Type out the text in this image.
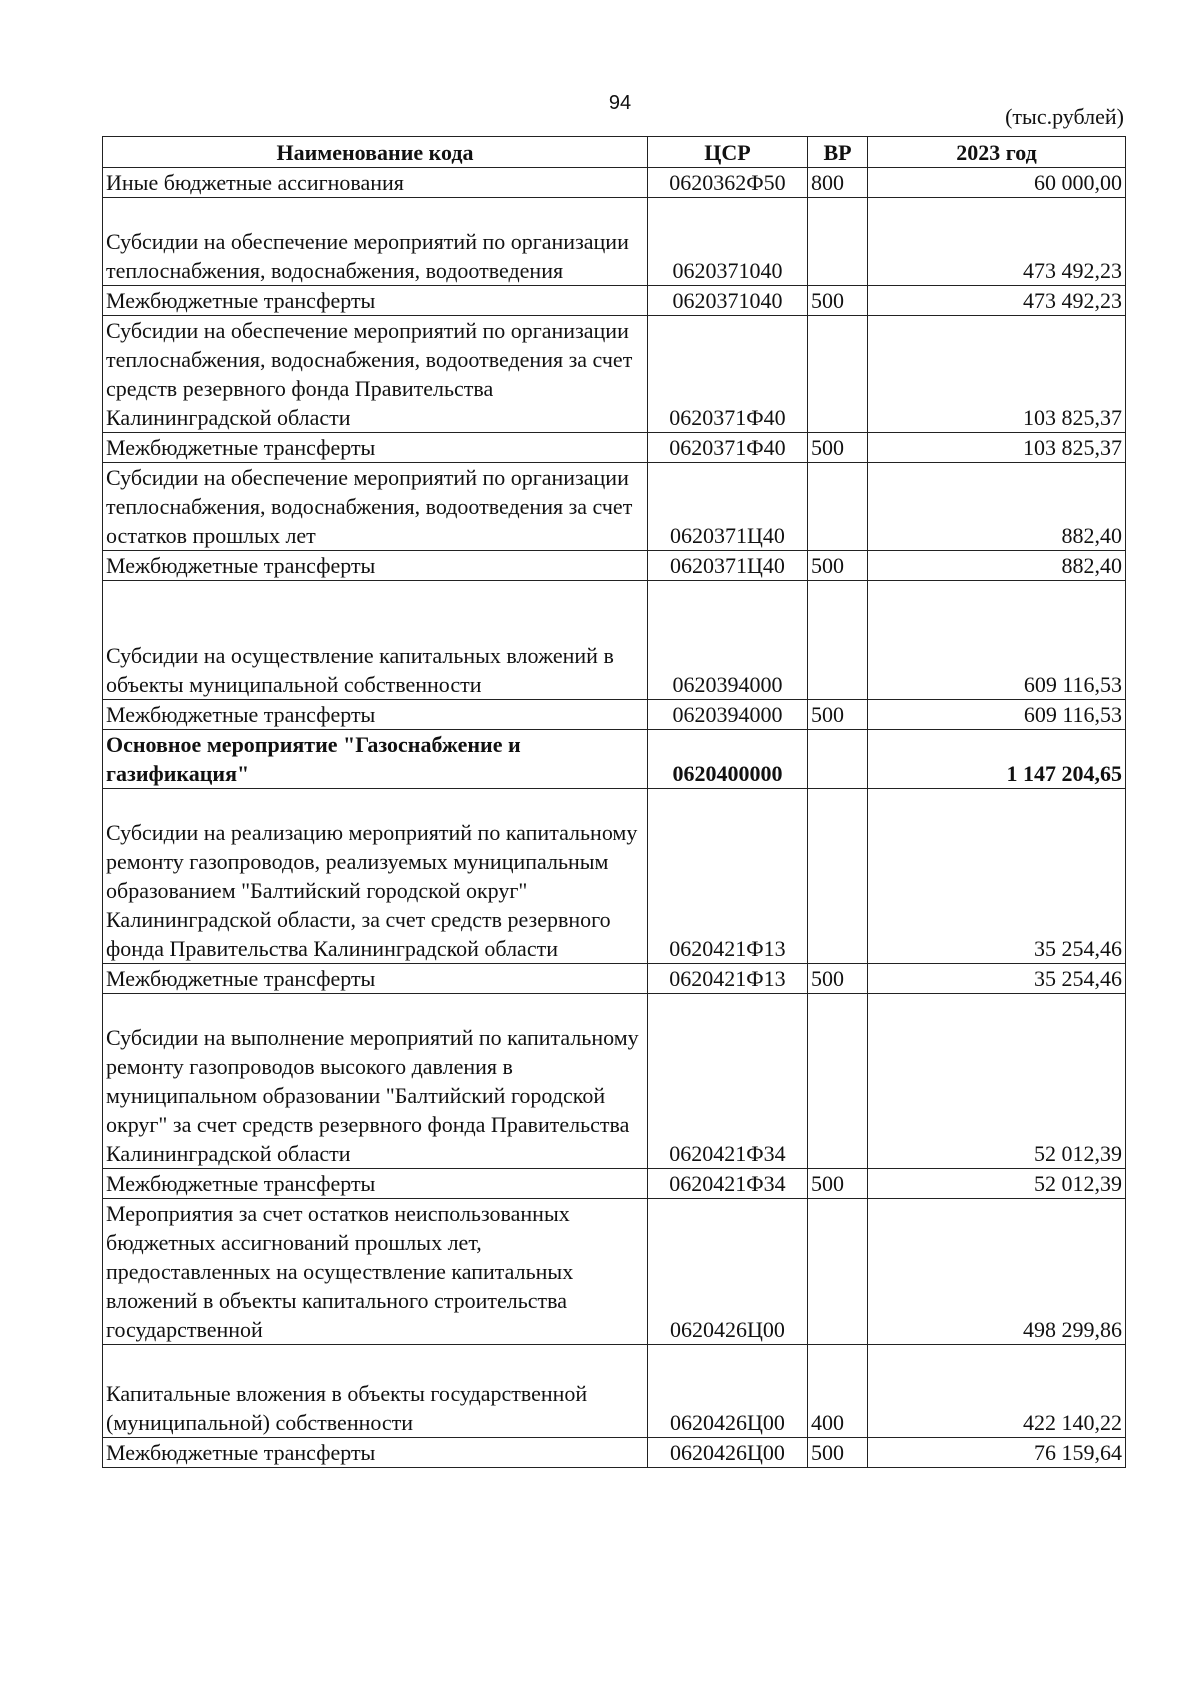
94
(тыс.рублей)
Наименование кода	ЦСР	ВР	2023 год
Иные бюджетные ассигнования	0620362Ф50	800	60 000,00
Субсидии на обеспечение мероприятий по организации теплоснабжения, водоснабжения, водоотведения	0620371040		473 492,23
Межбюджетные трансферты	0620371040	500	473 492,23
Субсидии на обеспечение мероприятий по организации теплоснабжения, водоснабжения, водоотведения за счет средств резервного фонда Правительства Калининградской области	0620371Ф40		103 825,37
Межбюджетные трансферты	0620371Ф40	500	103 825,37
Субсидии на обеспечение мероприятий по организации теплоснабжения, водоснабжения, водоотведения за счет остатков прошлых лет	0620371Ц40		882,40
Межбюджетные трансферты	0620371Ц40	500	882,40
Субсидии на осуществление капитальных вложений в объекты муниципальной собственности	0620394000		609 116,53
Межбюджетные трансферты	0620394000	500	609 116,53
Основное мероприятие "Газоснабжение и газификация"	0620400000		1 147 204,65
Субсидии на реализацию мероприятий по капитальному ремонту газопроводов, реализуемых муниципальным образованием "Балтийский городской округ" Калининградской области, за счет средств резервного фонда Правительства Калининградской области	0620421Ф13		35 254,46
Межбюджетные трансферты	0620421Ф13	500	35 254,46
Субсидии на выполнение мероприятий по капитальному ремонту газопроводов высокого давления в муниципальном образовании "Балтийский городской округ" за счет средств резервного фонда Правительства Калининградской области	0620421Ф34		52 012,39
Межбюджетные трансферты	0620421Ф34	500	52 012,39
Мероприятия за счет остатков неиспользованных бюджетных ассигнований прошлых лет, предоставленных на осуществление капитальных вложений в объекты капитального строительства государственной	0620426Ц00		498 299,86
Капитальные вложения в объекты государственной (муниципальной) собственности	0620426Ц00	400	422 140,22
Межбюджетные трансферты	0620426Ц00	500	76 159,64
